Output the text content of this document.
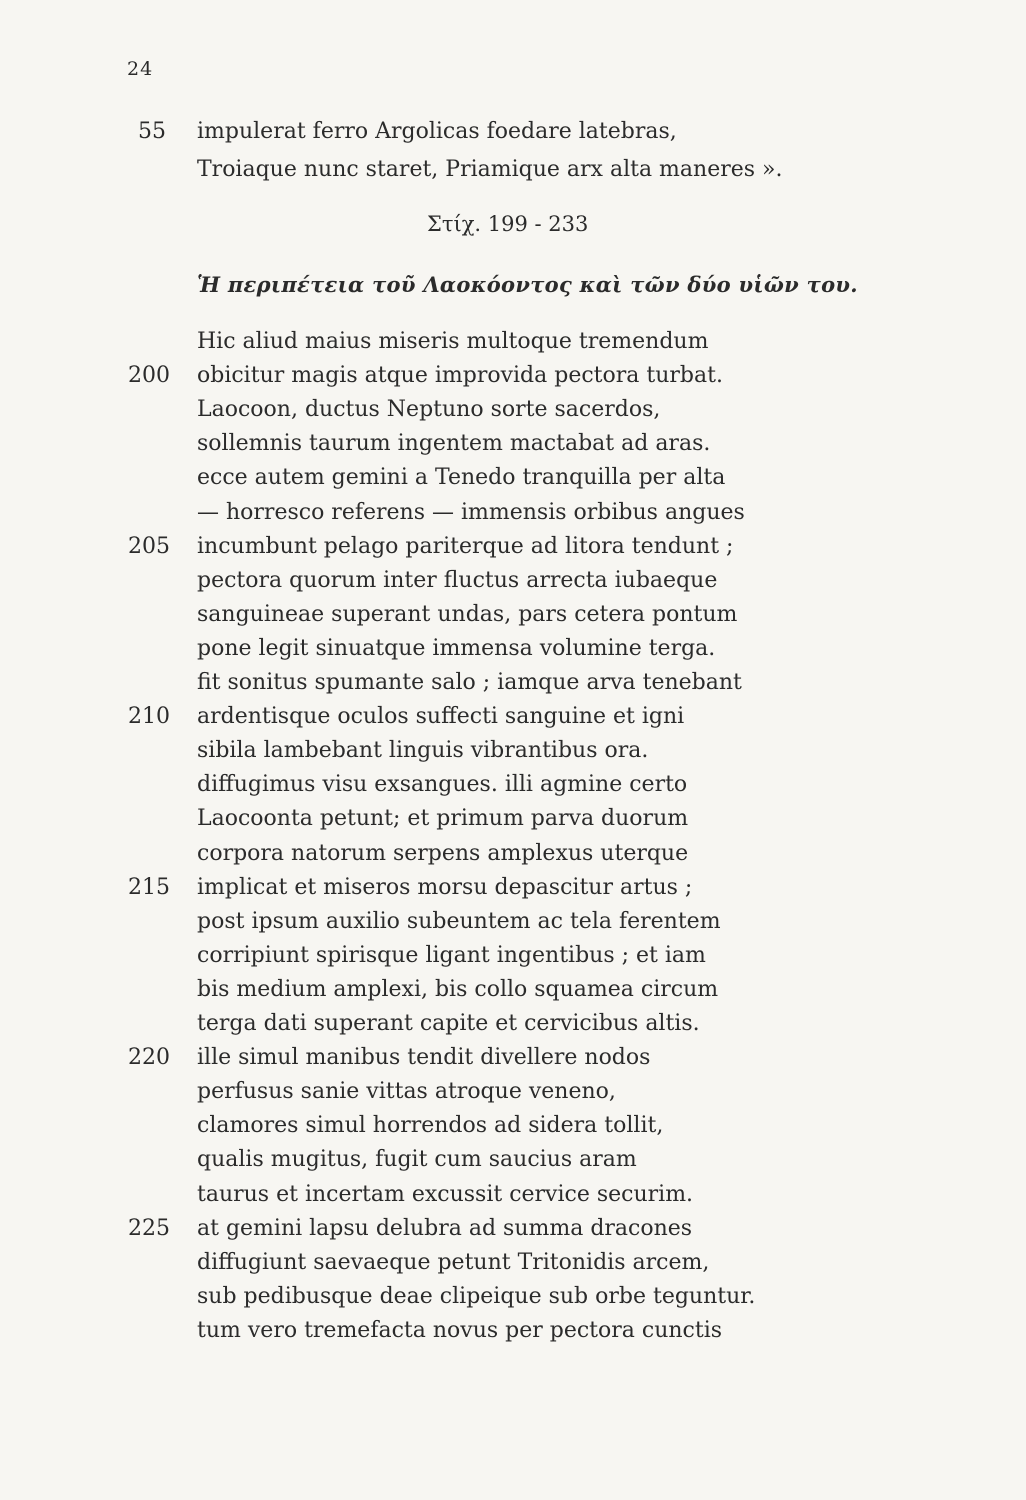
24
55 impulerat ferro Argolicas foedare latebras,
Troiaque nunc staret, Priamique arx alta maneres ».
Στίχ. 199 - 233
Ἡ περιπέτεια τοῦ Λαοκόοντος καὶ τῶν δύο υἱῶν του.
Hic aliud maius miseris multoque tremendum
200 obicitur magis atque improvida pectora turbat.
Laocoon, ductus Neptuno sorte sacerdos,
sollemnis taurum ingentem mactabat ad aras.
ecce autem gemini a Tenedo tranquilla per alta
— horresco referens — immensis orbibus angues
205 incumbunt pelago pariterque ad litora tendunt ;
pectora quorum inter fluctus arrecta iubaeque
sanguineae superant undas, pars cetera pontum
pone legit sinuatque immensa volumine terga.
fit sonitus spumante salo ; iamque arva tenebant
210 ardentisque oculos suffecti sanguine et igni
sibila lambebant linguis vibrantibus ora.
diffugimus visu exsangues. illi agmine certo
Laocoonta petunt; et primum parva duorum
corpora natorum serpens amplexus uterque
215 implicat et miseros morsu depascitur artus ;
post ipsum auxilio subeuntem ac tela ferentem
corripiunt spirisque ligant ingentibus ; et iam
bis medium amplexi, bis collo squamea circum
terga dati superant capite et cervicibus altis.
220 ille simul manibus tendit divellere nodos
perfusus sanie vittas atroque veneno,
clamores simul horrendos ad sidera tollit,
qualis mugitus, fugit cum saucius aram
taurus et incertam excussit cervice securim.
225 at gemini lapsu delubra ad summa dracones
diffugiunt saevaeque petunt Tritonidis arcem,
sub pedibusque deae clipeique sub orbe teguntur.
tum vero tremefacta novus per pectora cunctis
